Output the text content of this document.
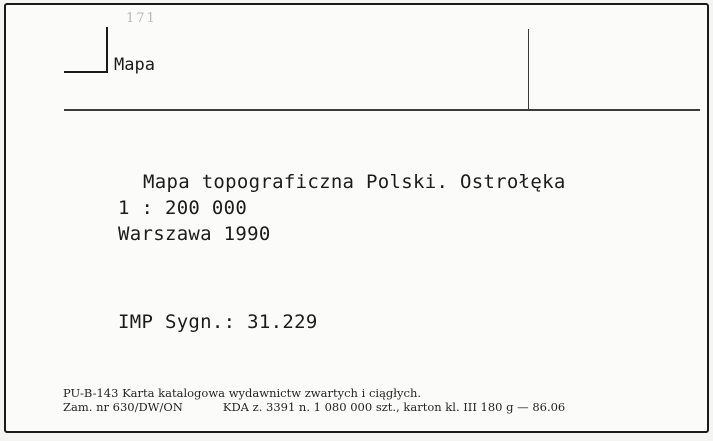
171
Mapa
Mapa topograficzna Polski. Ostrołęka
1 : 200 000
Warszawa 1990
IMP Sygn.: 31.229
PU-B-143 Karta katalogowa wydawnictw zwartych i ciągłych.
Zam. nr 630/DW/ON	KDA z. 3391 n. 1 080 000 szt., karton kl. III 180 g — 86.06
